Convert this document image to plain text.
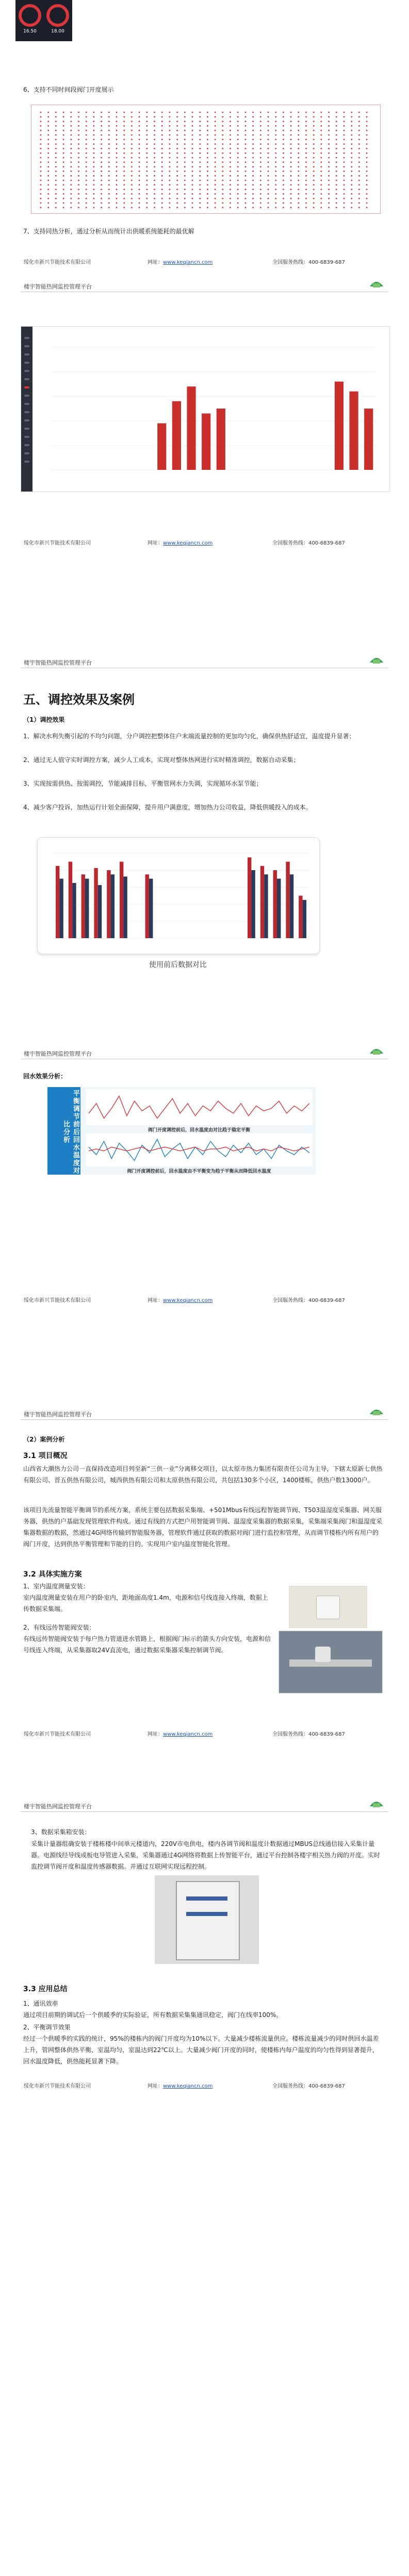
16.50	18.00
6、支持不同时间段阀门开度展示
7、支持同热分析，通过分析从而统计出供暖系统能耗的最优解
绥化市新兴节能技术有限公司	网址：www.keqiancn.com	全国服务热线：400-6839-687
楼宇智能热网监控管理平台
绥化市新兴节能技术有限公司	网址：www.keqiancn.com	全国服务热线：400-6839-687
楼宇智能热网监控管理平台
五、调控效果及案例
（1）调控效果
1、解决水利失衡引起的不均匀问题，分户调控把整体住户末端流量控制的更加均匀化，确保供热舒适宜，温度提升显著；
2、通过无人值守实时调控方案，减少人工成本，实现对整体热网进行实时精准调控，数据自动采集；
3、实现按需供热、按需调控，节能减排目标，平衡管网水力失调，实现循环水泵节能；
4、减少客户投诉，加热运行计划全面保障，提升用户满意度，增加热力公司收益，降低供暖投入的成本。
使用前后数据对比
楼宇智能热网监控管理平台
回水效果分析：
平衡调节前后回水温度对比分析	阀门开度调控前后，回水温度由对比趋于稳定平衡
阀门开度调控前后，回水温度由不平衡变为趋于平衡从而降低回水温度
绥化市新兴节能技术有限公司	网址：www.keqiancn.com	全国服务热线：400-6839-687
楼宇智能热网监控管理平台
（2）案例分析
3.1 项目概况
山西省大潮热力公司一直保持改造项目列至新“三供一业”分离移交项目，以太原市热力集团有限责任公司为主导，下辖太原新七供热有限公司、晋五供热有限公司，城西供热有限公司和太原供热有限公司，共包括130多个小区，1400楼栋，供热户数13000户。
该项目先流量智能平衡调节的系统方案，系统主要包括数据采集端、+501Mbus有线远程智能调节阀、T503温湿度采集器、网关服务器，供热的户基础发现管理软件构成。通过有线的方式把户用智能调节阀、温湿度采集器的数据采集，采集端采集阀门和温湿度采集器数据的数据，然通过4G网络传输到智能服务器，管理软件通过获取的数据对阀门进行监控和管理，从而调节楼栋内所有用户的阀门开度，达到供热平衡管理和节能的目的。实现用户室内温度智能化管理。
3.2 具体实施方案
1、室内温度测量安装：
室内温度测量安装在用户的卧室内，距地面高度1.4m，电源和信号线连接入终端，数据上传数据采集端。
2、有线远传智能阀安装：
有线远传智能阀安装于每户热力管道进水管路上，根据阀门标示的箭头方向安装，电源和信号线连入终端，从采集器取24V直流电，通过数据采集器采集控制调节阀。
绥化市新兴节能技术有限公司	网址：www.keqiancn.com	全国服务热线：400-6839-687
楼宇智能热网监控管理平台
3、数据采集箱安装：
采集计量器组确安装于楼栋楼中间单元楼道内，220V市电供电，楼内各调节阀和温度计数据通过MBUS总线通信接入采集计量器。电源线经导线或板电导管进入采集，采集器通过4G网络将数据上传智能平台，通过平台控制各楼宇相关热力阀的开度。实时监控调节阀开度和温度传感器数据。并通过互联网实现远程控制。
3.3 应用总结
1、通讯效率
通过项目前期的调试后一个供暖季的实际验证，所有数据采集集通讯稳定，阀门在线率100%。
2、平衡调节效果
经过一个供暖季的实践的统计，95%的楼栋内的阀门开度均为10%以下。大量减少楼栋流量供应。楼栋流量减少的同时供回水温差上升，管网整体供热平衡，室温均匀，室温达到22℃以上。大量减少阀门开度的同时，使楼栋内每户温度的均匀性得到显著提升，回水温度降低，供热能耗显著下降。
绥化市新兴节能技术有限公司	网址：www.keqiancn.com	全国服务热线：400-6839-687
